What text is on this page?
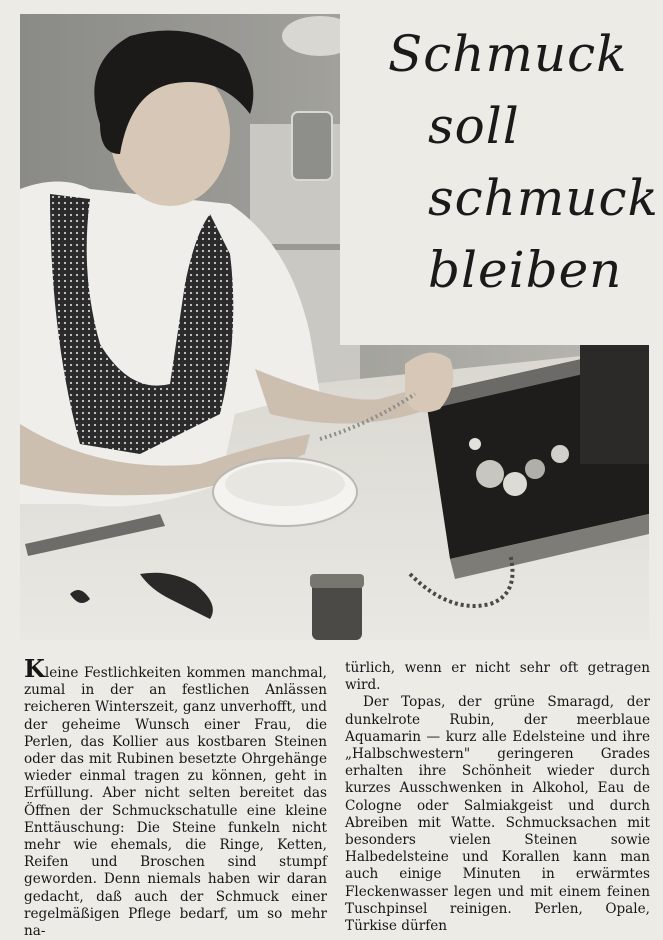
Schmuck
soll
schmuck
bleiben

Kleine Festlichkeiten kommen manchmal, zumal in der an festlichen Anlässen reicheren Winterszeit, ganz unverhofft, und der geheime Wunsch einer Frau, die Perlen, das Kollier aus kostbaren Steinen oder das mit Rubinen besetzte Ohrgehänge wieder einmal tragen zu können, geht in Erfüllung. Aber nicht selten bereitet das Öffnen der Schmuckschatulle eine kleine Enttäuschung: Die Steine funkeln nicht mehr wie ehemals, die Ringe, Ketten, Reifen und Broschen sind stumpf geworden. Denn niemals haben wir daran gedacht, daß auch der Schmuck einer regelmäßigen Pflege bedarf, um so mehr na-

türlich, wenn er nicht sehr oft getragen wird.

Der Topas, der grüne Smaragd, der dunkelrote Rubin, der meerblaue Aquamarin — kurz alle Edelsteine und ihre „Halbschwestern" geringeren Grades erhalten ihre Schönheit wieder durch kurzes Ausschwenken in Alkohol, Eau de Cologne oder Salmiakgeist und durch Abreiben mit Watte. Schmucksachen mit besonders vielen Steinen sowie Halbedelsteine und Korallen kann man auch einige Minuten in erwärmtes Fleckenwasser legen und mit einem feinen Tuschpinsel reinigen. Perlen, Opale, Türkise dürfen
